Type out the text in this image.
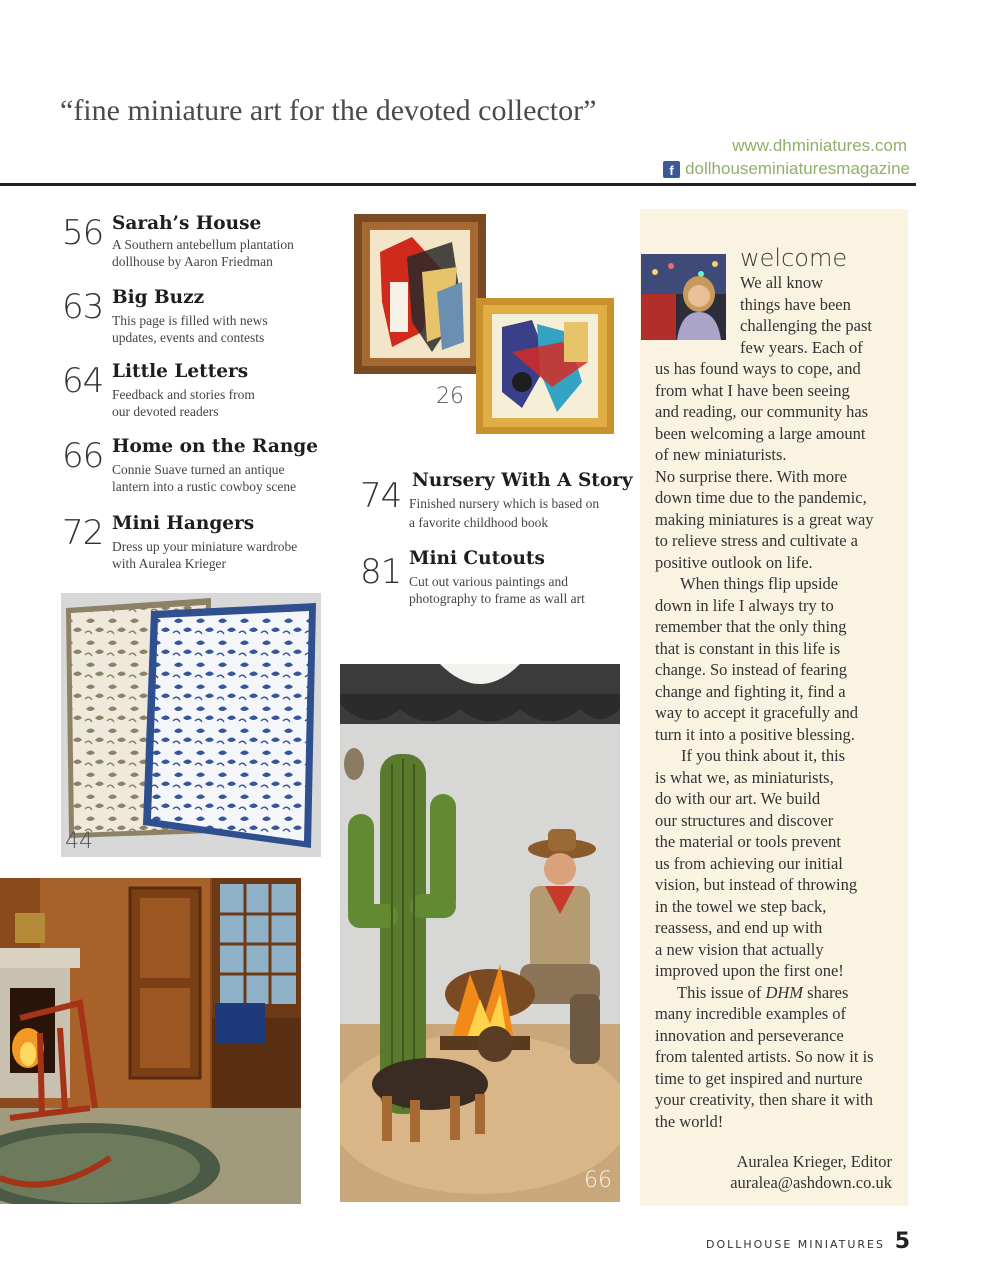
“fine miniature art for the devoted collector”
www.dhminiatures.com
f dollhouseminiaturesmagazine
56 Sarah’s House
A Southern antebellum plantation
dollhouse by Aaron Friedman
63 Big Buzz
This page is filled with news
updates, events and contests
64 Little Letters
Feedback and stories from
our devoted readers
66 Home on the Range
Connie Suave turned an antique
lantern into a rustic cowboy scene
72 Mini Hangers
Dress up your miniature wardrobe
with Auralea Krieger
74 Nursery With A Story
Finished nursery which is based on
a favorite childhood book
81 Mini Cutouts
Cut out various paintings and
photography to frame as wall art
26
44
66
welcome
We all know
things have been
challenging the past
few years. Each of
us has found ways to cope, and
from what I have been seeing
and reading, our community has
been welcoming a large amount
of new miniaturists.
No surprise there. With more
down time due to the pandemic,
making miniatures is a great way
to relieve stress and cultivate a
positive outlook on life.
When things flip upside
down in life I always try to
remember that the only thing
that is constant in this life is
change. So instead of fearing
change and fighting it, find a
way to accept it gracefully and
turn it into a positive blessing.
If you think about it, this
is what we, as miniaturists,
do with our art. We build
our structures and discover
the material or tools prevent
us from achieving our initial
vision, but instead of throwing
in the towel we step back,
reassess, and end up with
a new vision that actually
improved upon the first one!
This issue of DHM shares
many incredible examples of
innovation and perseverance
from talented artists. So now it is
time to get inspired and nurture
your creativity, then share it with
the world!
Auralea Krieger, Editor
auralea@ashdown.co.uk
DOLLHOUSE MINIATURES 5
